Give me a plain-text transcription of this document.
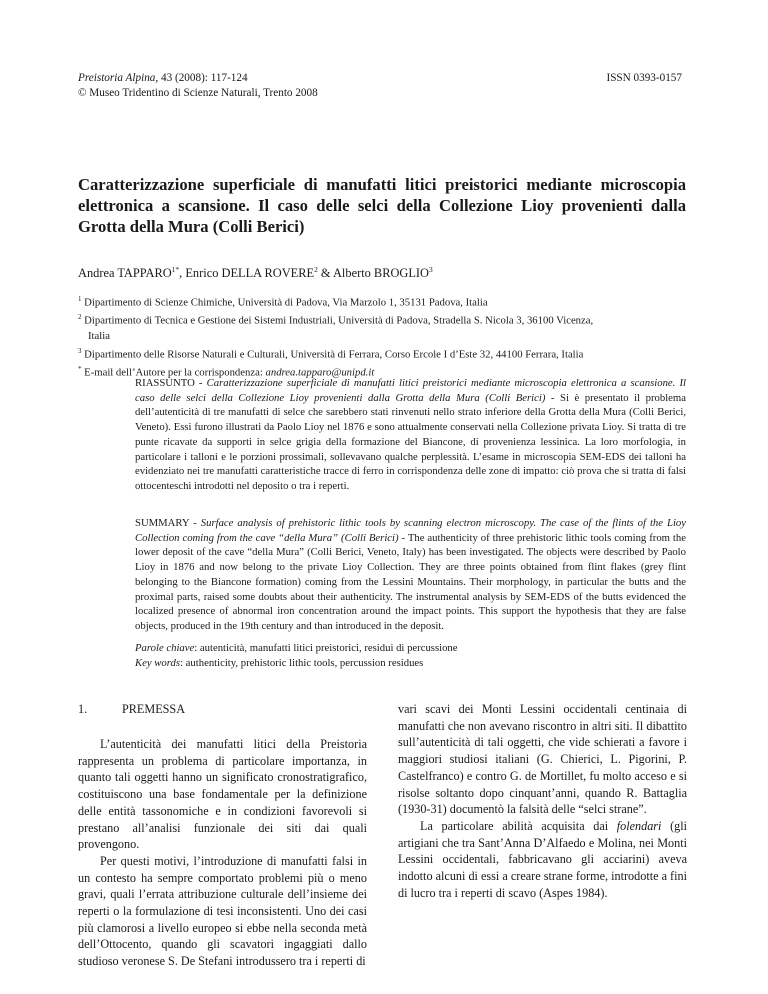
Preistoria Alpina, 43 (2008): 117-124
© Museo Tridentino di Scienze Naturali, Trento 2008
ISSN 0393-0157
Caratterizzazione superficiale di manufatti litici preistorici mediante microscopia elettronica a scansione. Il caso delle selci della Collezione Lioy provenienti dalla Grotta della Mura (Colli Berici)
Andrea $TAPPARO^{1*}$, Enrico DELLA ROVERE$^2$ & Alberto BROGLIO$^3$
$^1$ Dipartimento di Scienze Chimiche, Università di Padova, Via Marzolo 1, 35131 Padova, Italia
$^2$ Dipartimento di Tecnica e Gestione dei Sistemi Industriali, Università di Padova, Stradella S. Nicola 3, 36100 Vicenza,
Italia
$^3$ Dipartimento delle Risorse Naturali e Culturali, Università di Ferrara, Corso Ercole I d’Este 32, 44100 Ferrara, Italia
* E-mail dell’Autore per la corrispondenza: andrea.tapparo@unipd.it
RIASSUNTO - Caratterizzazione superficiale di manufatti litici preistorici mediante microscopia elettronica a scansione. Il caso delle selci della Collezione Lioy provenienti dalla Grotta della Mura (Colli Berici) - Si è presentato il problema dell’autenticità di tre manufatti di selce che sarebbero stati rinvenuti nello strato inferiore della Grotta della Mura (Colli Berici, Veneto). Essi furono illustrati da Paolo Lioy nel 1876 e sono attualmente conservati nella Collezione privata Lioy. Si tratta di tre punte ricavate da supporti in selce grigia della formazione del Biancone, di provenienza lessinica. La loro morfologia, in particolare i talloni e le porzioni prossimali, sollevavano qualche perplessità. L’esame in microscopia SEM-EDS dei talloni ha evidenziato nei tre manufatti caratteristiche tracce di ferro in corrispondenza delle zone di impatto: ciò prova che si tratta di falsi ottocenteschi introdotti nel deposito o tra i reperti.
SUMMARY - Surface analysis of prehistoric lithic tools by scanning electron microscopy. The case of the flints of the Lioy Collection coming from the cave “della Mura” (Colli Berici) - The authenticity of three prehistoric lithic tools coming from the lower deposit of the cave “della Mura” (Colli Berici, Veneto, Italy) has been investigated. The objects were described by Paolo Lioy in 1876 and now belong to the private Lioy Collection. They are three points obtained from flint flakes (grey flint belonging to the Biancone formation) coming from the Lessini Mountains. Their morphology, in particular the butts and the proximal parts, raised some doubts about their authenticity. The instrumental analysis by SEM-EDS of the butts evidenced the localized presence of abnormal iron concentration around the impact points. This support the hypothesis that they are false objects, produced in the 19th century and than introduced in the deposit.
Parole chiave: autenticità, manufatti litici preistorici, residui di percussione
Key words: authenticity, prehistoric lithic tools, percussion residues
1.	PREMESSA

L’autenticità dei manufatti litici della Preistoria rappresenta un problema di particolare importanza, in quanto tali oggetti hanno un significato cronostratigrafico, costituiscono una base fondamentale per la definizione delle entità tassonomiche e in condizioni favorevoli si prestano all’analisi funzionale dei siti dai quali provengono.

Per questi motivi, l’introduzione di manufatti falsi in un contesto ha sempre comportato problemi più o meno gravi, quali l’errata attribuzione culturale dell’insieme dei reperti o la formulazione di tesi inconsistenti. Uno dei casi più clamorosi a livello europeo si ebbe nella seconda metà dell’Ottocento, quando gli scavatori ingaggiati dallo studioso veronese S. De Stefani introdussero tra i reperti di

vari scavi dei Monti Lessini occidentali centinaia di manufatti che non avevano riscontro in altri siti. Il dibattito sull’autenticità di tali oggetti, che vide schierati a favore i maggiori studiosi italiani (G. Chierici, L. Pigorini, P. Castelfranco) e contro G. de Mortillet, fu molto acceso e si risolse soltanto dopo cinquant’anni, quando R. Battaglia (1930-31) documentò la falsità delle “selci strane”.

La particolare abilità acquisita dai folendari (gli artigiani che tra Sant’Anna D’Alfaedo e Molina, nei Monti Lessini occidentali, fabbricavano gli acciarini) aveva indotto alcuni di essi a creare strane forme, introdotte a fini di lucro tra i reperti di scavo (Aspes 1984).
